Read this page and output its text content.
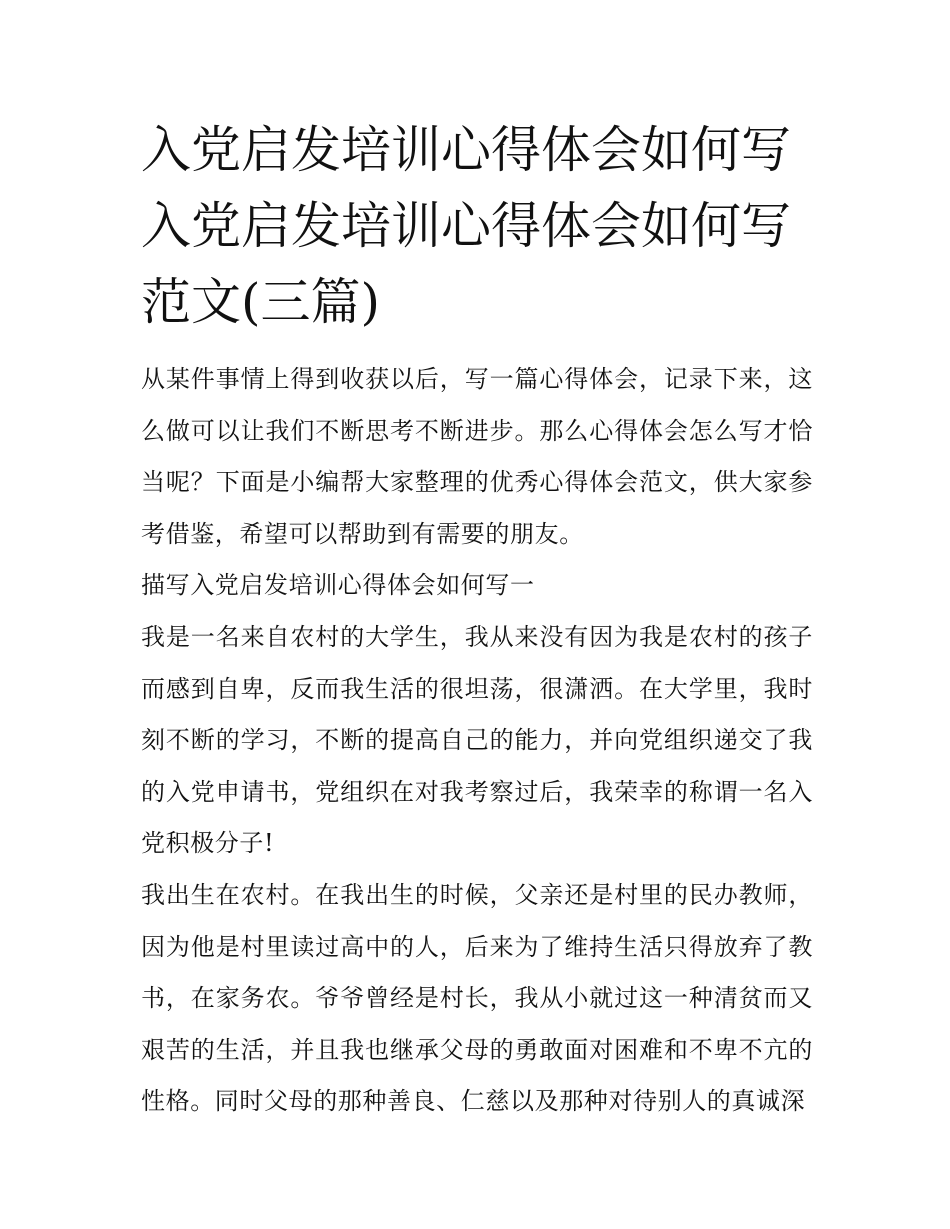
入党启发培训心得体会如何写
入党启发培训心得体会如何写
范文(三篇)

从某件事情上得到收获以后，写一篇心得体会，记录下来，这么做可以让我们不断思考不断进步。那么心得体会怎么写才恰当呢？下面是小编帮大家整理的优秀心得体会范文，供大家参考借鉴，希望可以帮助到有需要的朋友。

描写入党启发培训心得体会如何写一

我是一名来自农村的大学生，我从来没有因为我是农村的孩子而感到自卑，反而我生活的很坦荡，很潇洒。在大学里，我时刻不断的学习，不断的提高自己的能力，并向党组织递交了我的入党申请书，党组织在对我考察过后，我荣幸的称谓一名入党积极分子!

我出生在农村。在我出生的时候，父亲还是村里的民办教师，因为他是村里读过高中的人，后来为了维持生活只得放弃了教书，在家务农。爷爷曾经是村长，我从小就过这一种清贫而又艰苦的生活，并且我也继承父母的勇敢面对困难和不卑不亢的性格。同时父母的那种善良、仁慈以及那种对待别人的真诚深
